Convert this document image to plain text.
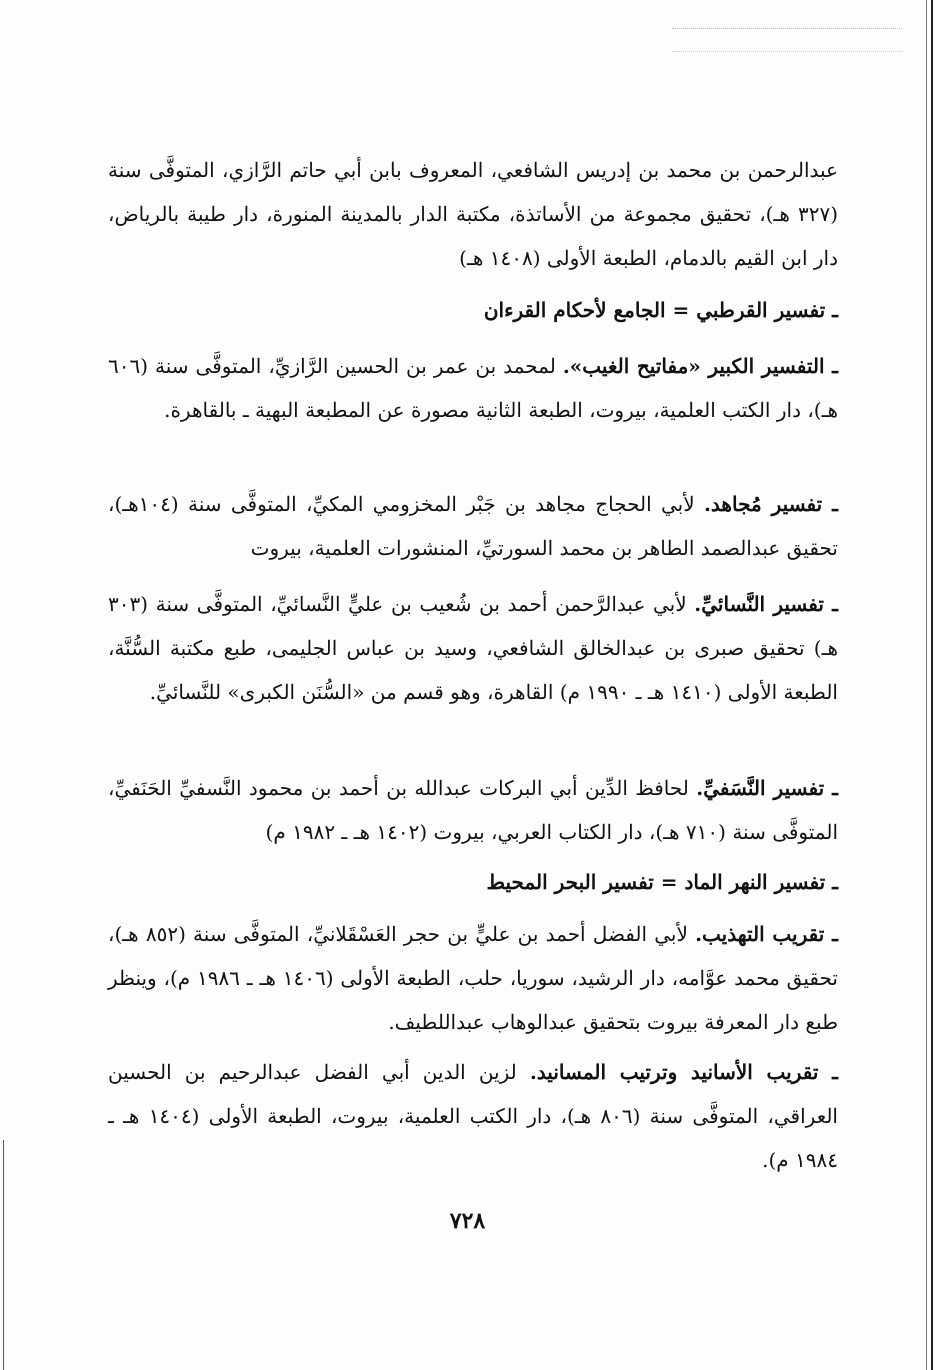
عبدالرحمن بن محمد بن إدريس الشافعي، المعروف بابن أبي حاتم الرَّازي، المتوفَّى سنة (٣٢٧ هـ)، تحقيق مجموعة من الأساتذة، مكتبة الدار بالمدينة المنورة، دار طيبة بالرياض، دار ابن القيم بالدمام، الطبعة الأولى (١٤٠٨ هـ)

ـ تفسير القرطبي = الجامع لأحكام القرءان

ـ التفسير الكبير «مفاتيح الغيب». لمحمد بن عمر بن الحسين الرَّازيِّ، المتوفَّى سنة (٦٠٦ هـ)، دار الكتب العلمية، بيروت، الطبعة الثانية مصورة عن المطبعة البهية ـ بالقاهرة.

ـ تفسير مُجاهد. لأبي الحجاج مجاهد بن جَبْر المخزومي المكيِّ، المتوفَّى سنة (١٠٤هـ)، تحقيق عبدالصمد الطاهر بن محمد السورتيِّ، المنشورات العلمية، بيروت

ـ تفسير النَّسائيِّ. لأبي عبدالرَّحمن أحمد بن شُعيب بن عليٍّ النَّسائيِّ، المتوفَّى سنة (٣٠٣ هـ) تحقيق صبرى بن عبدالخالق الشافعي، وسيد بن عباس الجليمى، طبع مكتبة السُّنَّة، الطبعة الأولى (١٤١٠ هـ ـ ١٩٩٠ م) القاهرة، وهو قسم من «السُّنَن الكبرى» للنَّسائيِّ.

ـ تفسير النَّسَفيِّ. لحافظ الدِّين أبي البركات عبدالله بن أحمد بن محمود النَّسفيِّ الحَنَفيِّ، المتوفَّى سنة (٧١٠ هـ)، دار الكتاب العربي، بيروت (١٤٠٢ هـ ـ ١٩٨٢ م)

ـ تفسير النهر الماد = تفسير البحر المحيط

ـ تقريب التهذيب. لأبي الفضل أحمد بن عليٍّ بن حجر العَسْقَلانيِّ، المتوفَّى سنة (٨٥٢ هـ)، تحقيق محمد عوَّامه، دار الرشيد، سوريا، حلب، الطبعة الأولى (١٤٠٦ هـ ـ ١٩٨٦ م)، وينظر طبع دار المعرفة بيروت بتحقيق عبدالوهاب عبداللطيف.

ـ تقريب الأسانيد وترتيب المسانيد. لزين الدين أبي الفضل عبدالرحيم بن الحسين العراقي، المتوفَّى سنة (٨٠٦ هـ)، دار الكتب العلمية، بيروت، الطبعة الأولى (١٤٠٤ هـ ـ ١٩٨٤ م).

٧٢٨
